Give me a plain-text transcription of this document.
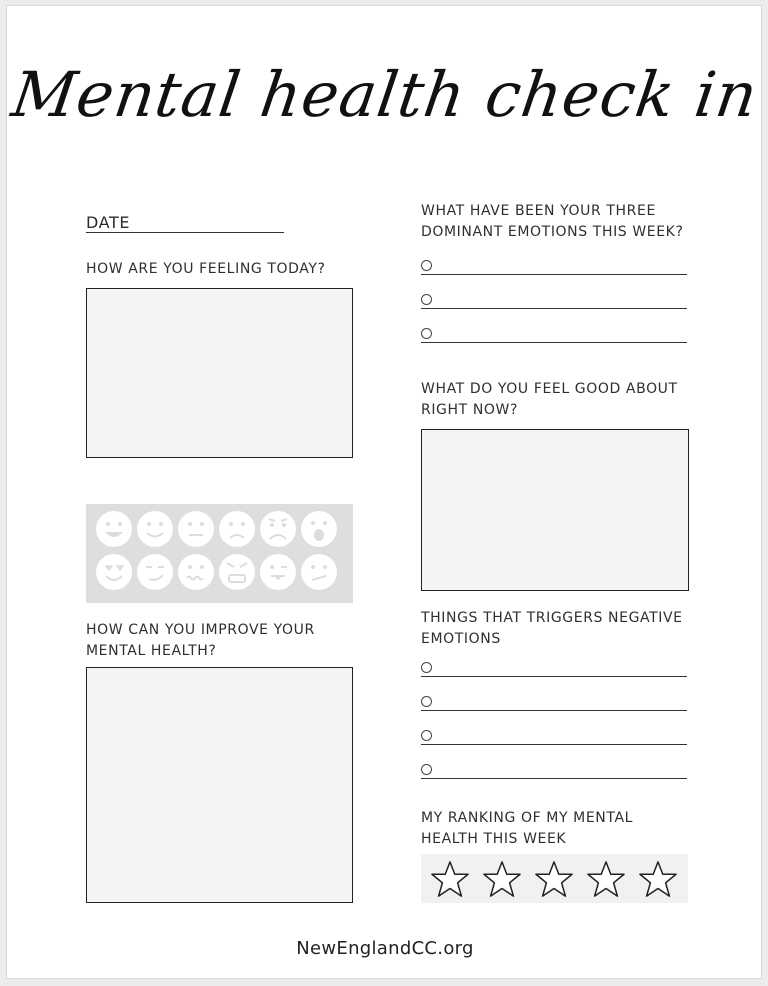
Mental health check in
DATE
HOW ARE YOU FEELING TODAY?
HOW CAN YOU IMPROVE YOUR
MENTAL HEALTH?
WHAT HAVE BEEN YOUR THREE
DOMINANT EMOTIONS THIS WEEK?
WHAT DO YOU FEEL GOOD ABOUT
RIGHT NOW?
THINGS THAT TRIGGERS NEGATIVE
EMOTIONS
MY RANKING OF MY MENTAL
HEALTH THIS WEEK
NewEnglandCC.org
